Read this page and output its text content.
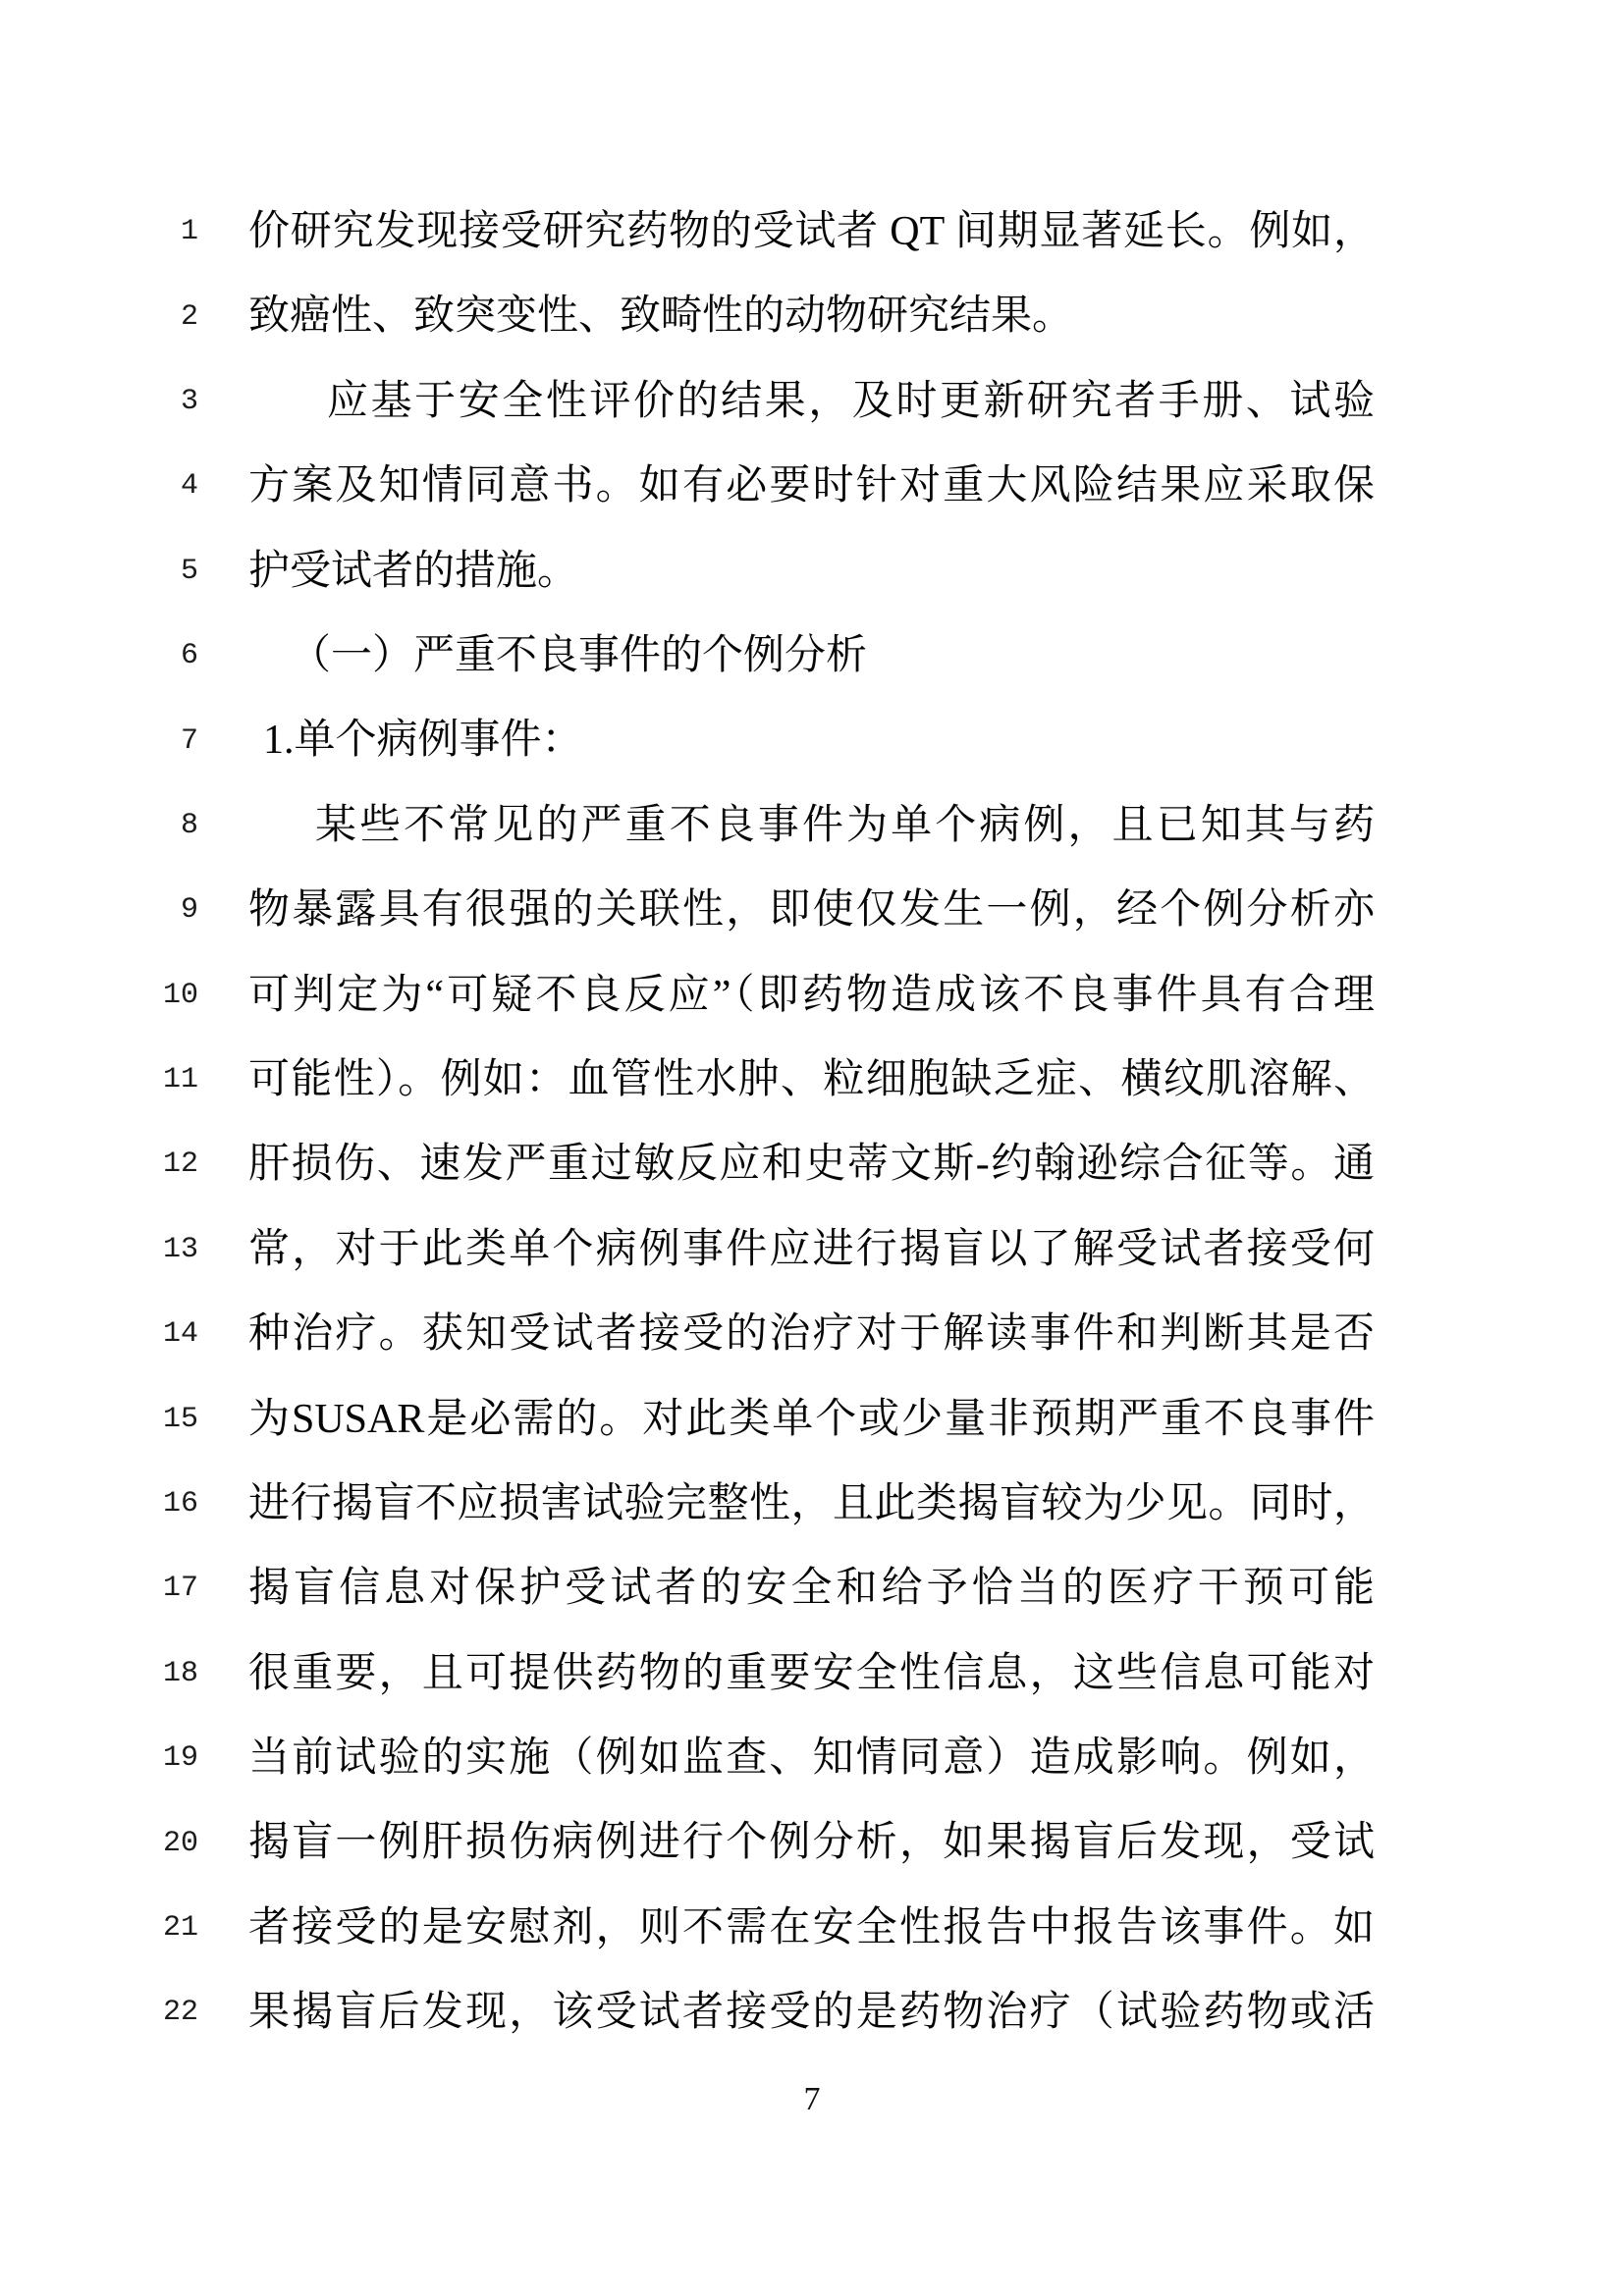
1 价研究发现接受研究药物的受试者 QT 间期显著延长。例如，
2 致癌性、致突变性、致畸性的动物研究结果。
3	应基于安全性评价的结果，及时更新研究者手册、试验
4 方案及知情同意书。如有必要时针对重大风险结果应采取保
5 护受试者的措施。
6	（一）严重不良事件的个例分析
7	1.单个病例事件：
8	某些不常见的严重不良事件为单个病例，且已知其与药
9 物暴露具有很强的关联性，即使仅发生一例，经个例分析亦
10 可判定为“可疑不良反应”（即药物造成该不良事件具有合理
11 可能性）。例如：血管性水肿、粒细胞缺乏症、横纹肌溶解、
12 肝损伤、速发严重过敏反应和史蒂文斯-约翰逊综合征等。通
13 常，对于此类单个病例事件应进行揭盲以了解受试者接受何
14 种治疗。获知受试者接受的治疗对于解读事件和判断其是否
15 为SUSAR是必需的。对此类单个或少量非预期严重不良事件
16 进行揭盲不应损害试验完整性，且此类揭盲较为少见。同时，
17 揭盲信息对保护受试者的安全和给予恰当的医疗干预可能
18 很重要，且可提供药物的重要安全性信息，这些信息可能对
19 当前试验的实施（例如监查、知情同意）造成影响。例如，
20 揭盲一例肝损伤病例进行个例分析，如果揭盲后发现，受试
21 者接受的是安慰剂，则不需在安全性报告中报告该事件。如
22 果揭盲后发现，该受试者接受的是药物治疗（试验药物或活
7
